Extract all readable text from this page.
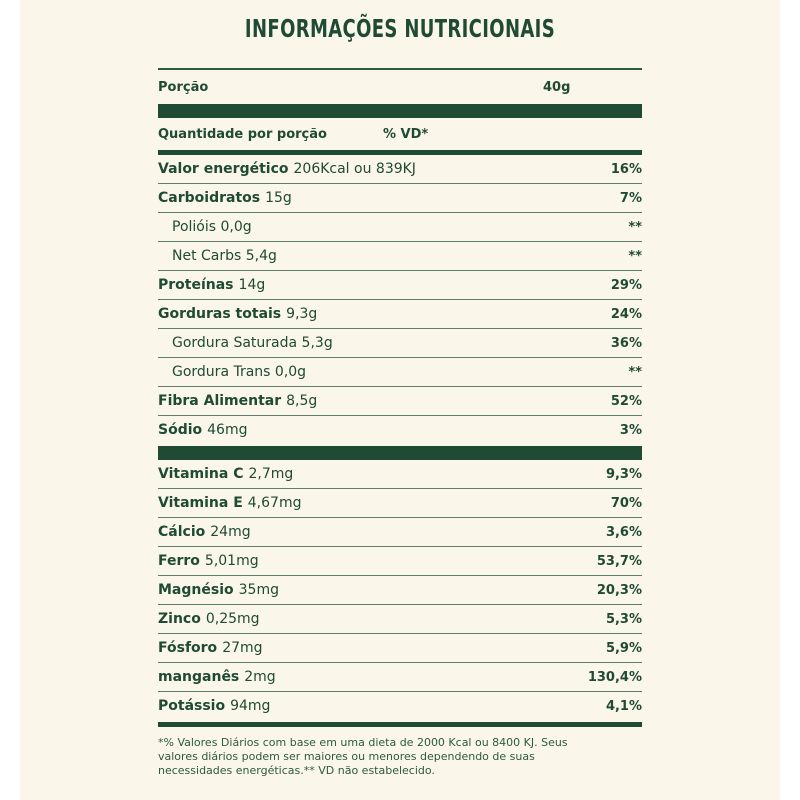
INFORMAÇÕES NUTRICIONAIS
Porção	40g
Quantidade por porção	% VD*
Valor energético 206Kcal ou 839KJ	16%
Carboidratos 15g	7%
Polióis 0,0g	**
Net Carbs 5,4g	**
Proteínas 14g	29%
Gorduras totais 9,3g	24%
Gordura Saturada 5,3g	36%
Gordura Trans 0,0g	**
Fibra Alimentar 8,5g	52%
Sódio 46mg	3%
Vitamina C 2,7mg	9,3%
Vitamina E 4,67mg	70%
Cálcio 24mg	3,6%
Ferro 5,01mg	53,7%
Magnésio 35mg	20,3%
Zinco 0,25mg	5,3%
Fósforo 27mg	5,9%
manganês 2mg	130,4%
Potássio 94mg	4,1%
*% Valores Diários com base em uma dieta de 2000 Kcal ou 8400 KJ. Seus valores diários podem ser maiores ou menores dependendo de suas necessidades energéticas.** VD não estabelecido.
